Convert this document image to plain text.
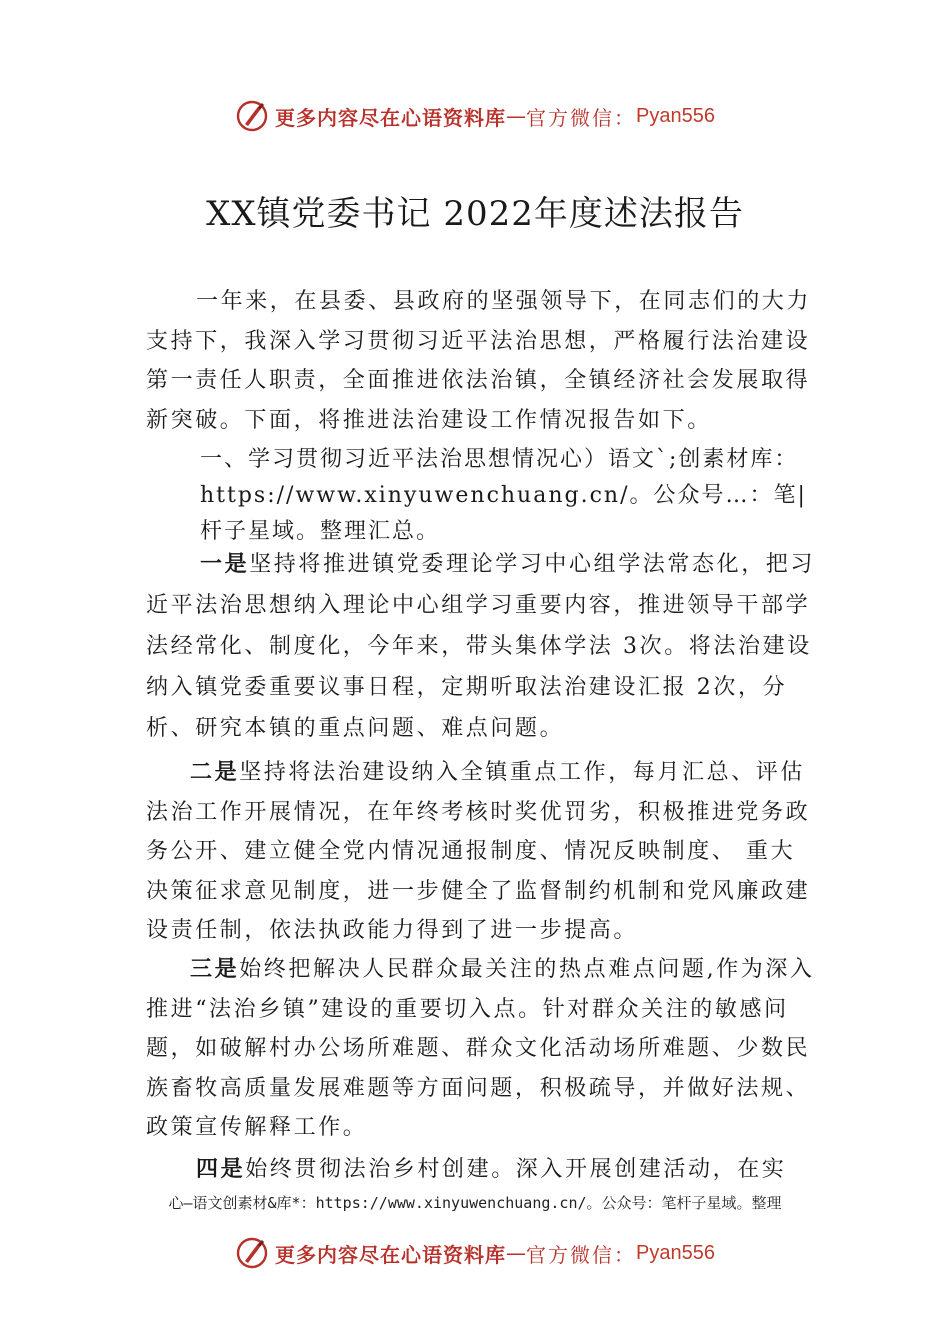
更多内容尽在心语资料库 — 官方微信： Pyan556
XX镇党委书记 2022年度述法报告

一年来，在县委、县政府的坚强领导下，在同志们的大力支持下，我深入学习贯彻习近平法治思想，严格履行法治建设第一责任人职责，全面推进依法治镇，全镇经济社会发展取得新突破。下面，将推进法治建设工作情况报告如下。

一、学习贯彻习近平法治思想情况心）语文`;创素材库：https://www.xinyuwenchuang.cn/。公众号…：笔|杆子星域。整理汇总。

一是坚持将推进镇党委理论学习中心组学法常态化，把习近平法治思想纳入理论中心组学习重要内容，推进领导干部学法经常化、制度化，今年来，带头集体学法 3次。将法治建设纳入镇党委重要议事日程，定期听取法治建设汇报 2次，分析、研究本镇的重点问题、难点问题。

二是坚持将法治建设纳入全镇重点工作，每月汇总、评估法治工作开展情况，在年终考核时奖优罚劣，积极推进党务政务公开、建立健全党内情况通报制度、情况反映制度、 重大决策征求意见制度，进一步健全了监督制约机制和党风廉政建设责任制，依法执政能力得到了进一步提高。

三是始终把解决人民群众最关注的热点难点问题,作为深入推进“法治乡镇”建设的重要切入点。针对群众关注的敏感问题，如破解村办公场所难题、群众文化活动场所难题、少数民族畜牧高质量发展难题等方面问题，积极疏导，并做好法规、政策宣传解释工作。

四是始终贯彻法治乡村创建。深入开展创建活动，在实

心—语文创素材&库*：https://www.xinyuwenchuang.cn/。公众号：笔杆子星域。整理
更多内容尽在心语资料库 — 官方微信： Pyan556
